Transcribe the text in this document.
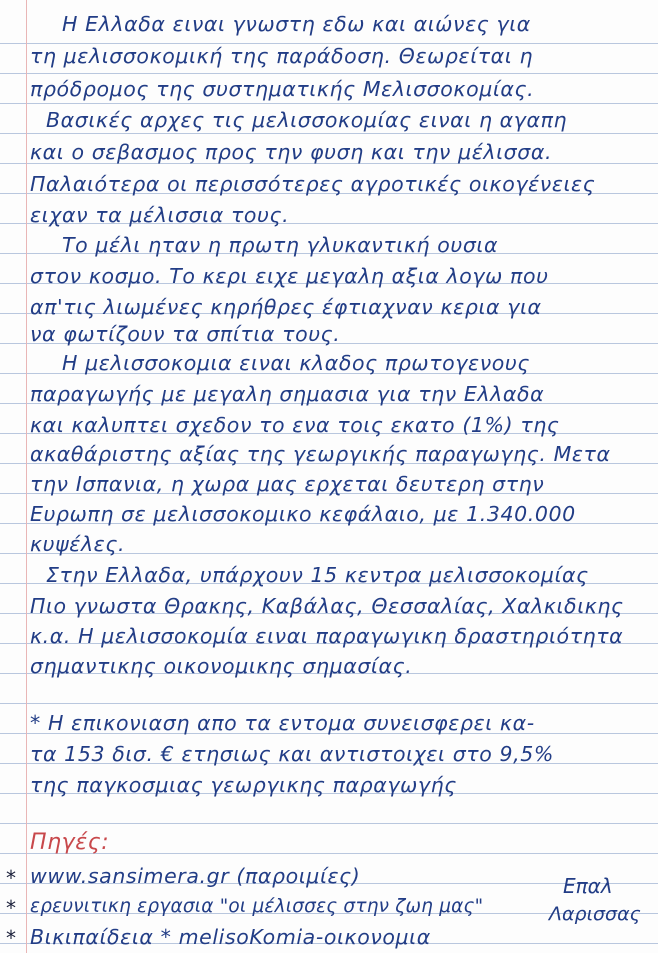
Η Ελλαδα ειναι γνωστη εδω και αιώνες για
τη μελισσοκομική της παράδοση. Θεωρείται η
πρόδρομος της συστηματικής Μελισσοκομίας.
Βασικές αρχες τις μελισσοκομίας ειναι η αγαπη
και ο σεβασμος προς την φυση και την μέλισσα.
Παλαιότερα οι περισσότερες αγροτικές οικογένειες
ειχαν τα μέλισσια τους.
Το μέλι ηταν η πρωτη γλυκαντική ουσια
στον κοσμο. Το κερι ειχε μεγαλη αξια λογω που
απ'τις λιωμένες κηρήθρες έφτιαχναν κερια για
να φωτίζουν τα σπίτια τους.
Η μελισσοκομια ειναι κλαδος πρωτογενους
παραγωγής με μεγαλη σημασια για την Ελλαδα
και καλυπτει σχεδον το ενα τοις εκατο (1%) της
ακαθάριστης αξίας της γεωργικής παραγωγης. Μετα
την Ισπανια, η χωρα μας ερχεται δευτερη στην
Ευρωπη σε μελισσοκομικο κεφάλαιο, με 1.340.000
κυψέλες.
Στην Ελλαδα, υπάρχουν 15 κεντρα μελισσοκομίας
Πιο γνωστα Θρακης, Καβάλας, Θεσσαλίας, Χαλκιδικης
κ.α. Η μελισσοκομία ειναι παραγωγικη δραστηριότητα
σημαντικης οικονομικης σημασίας.
* Η επικονιαση απο τα εντομα συνεισφερει κα-
τα 153 δισ. € ετησιως και αντιστοιχει στο 9,5%
της παγκοσμιας γεωργικης παραγωγής
Πηγές:
* www.sansimera.gr (παροιμίες)
* ερευνιτικη εργασια "οι μέλισσες στην ζωη μας"
* Βικιπαίδεια * melisoKomia-οικονομια
Επαλ
Λαρισσας
